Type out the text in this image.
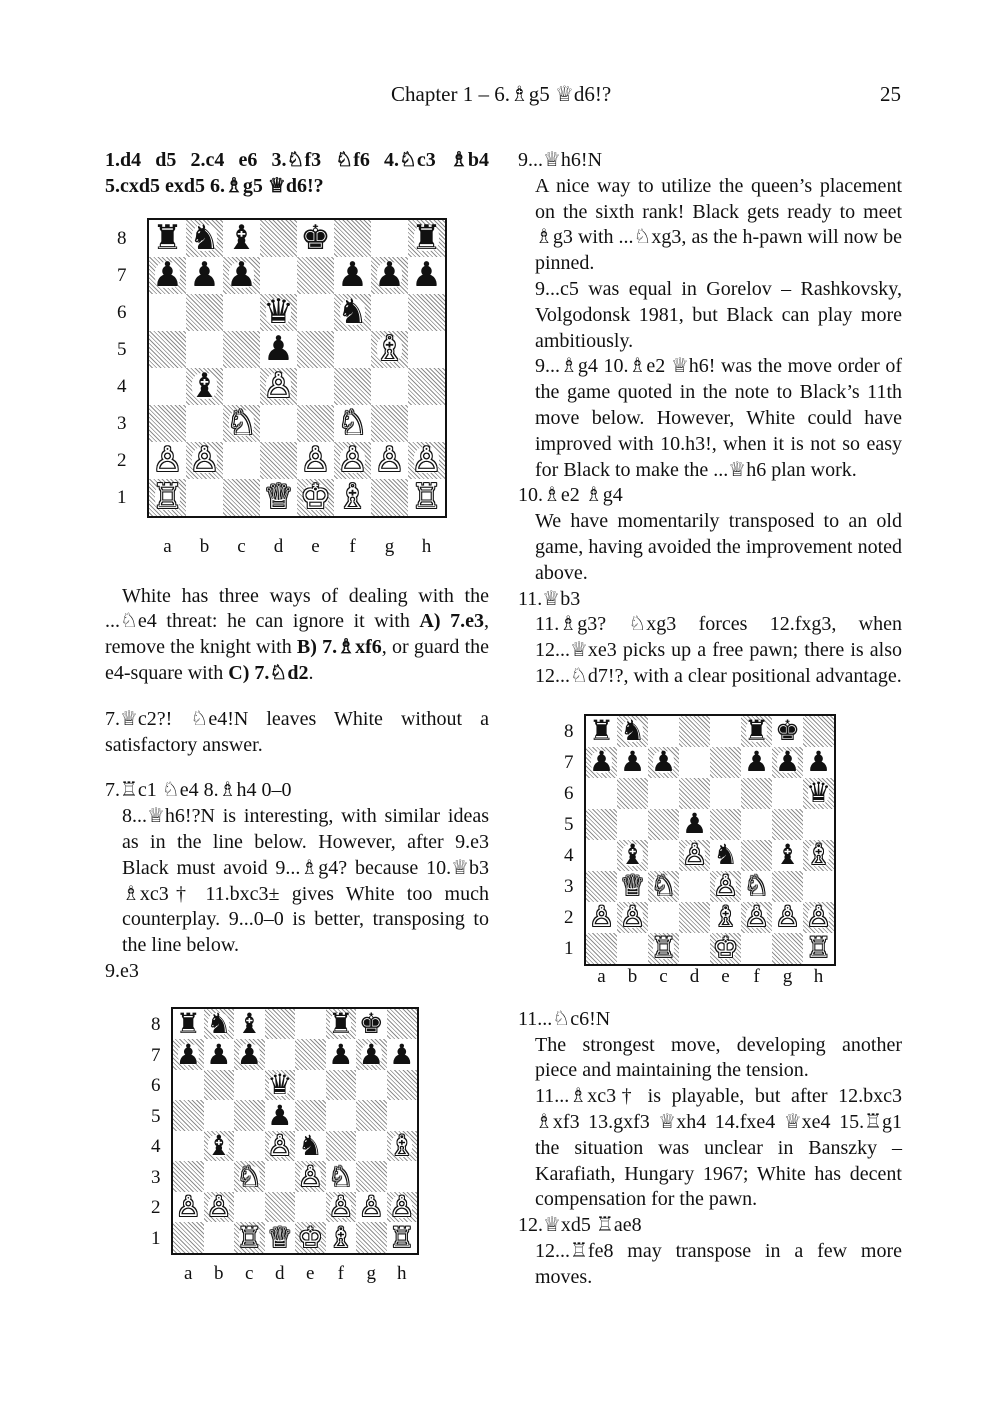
Chapter 1 – 6.♗g5 ♕d6!?	25

1.d4 d5 2.c4 e6 3.♘f3 ♘f6 4.♘c3 ♗b4

5.cxd5 exd5 6.♗g5 ♕d6!?

♜ ♞ ♝ ♚ ♜
♟ ♟ ♟ ♟ ♟ ♟
♛ ♞
♟ ♗
♝ ♙
♘ ♘
♙ ♙ ♙ ♙ ♙ ♙
♖ ♕ ♔ ♗ ♖
8
7
6
5
4
3
2
1
a	b	c	d	e	f	g	h

White has three ways of dealing with the ...♘e4 threat: he can ignore it with A) 7.e3, remove the knight with B) 7.♗xf6, or guard the e4-square with C) 7.♘d2.

7.♕c2?! ♘e4!N leaves White without a satisfactory answer.

7.♖c1 ♘e4 8.♗h4 0–0

8...♕h6!?N is interesting, with similar ideas as in the line below. However, after 9.e3 Black must avoid 9...♗g4? because 10.♕b3 ♗xc3† 11.bxc3± gives White too much counterplay. 9...0–0 is better, transposing to the line below.

9.e3

♜ ♞ ♝ ♜ ♚
♟ ♟ ♟ ♟ ♟ ♟
♛
♟
♝ ♙ ♞ ♗
♘ ♙ ♘
♙ ♙	♙ ♙ ♙
♖ ♕ ♔ ♗ ♖
8
7
6
5
4
3
2
1
a	b	c	d	e	f	g	h

9...♕h6!N

A nice way to utilize the queen’s placement on the sixth rank! Black gets ready to meet ♗g3 with ...♘xg3, as the h-pawn will now be pinned.

9...c5 was equal in Gorelov – Rashkovsky, Volgodonsk 1981, but Black can play more ambitiously.

9...♗g4 10.♗e2 ♕h6! was the move order of the game quoted in the note to Black’s 11th move below. However, White could have improved with 10.h3!, when it is not so easy for Black to make the ...♕h6 plan work.

10.♗e2 ♗g4

We have momentarily transposed to an old game, having avoided the improvement noted above.

11.♕b3

11.♗g3? ♘xg3 forces 12.fxg3, when 12...♕xe3 picks up a free pawn; there is also 12...♘d7!?, with a clear positional advantage.

♜ ♞	♜ ♚
♟ ♟ ♟ ♟ ♟ ♟
♛
♟
♝ ♙ ♞ ♝ ♗
♕ ♘ ♙ ♘
♙ ♙ ♗ ♙ ♙ ♙
♖ ♔ ♖
8
7
6
5
4
3
2
1
a	b	c	d	e	f	g	h

11...♘c6!N

The strongest move, developing another piece and maintaining the tension.

11...♗xc3† is playable, but after 12.bxc3 ♗xf3 13.gxf3 ♕xh4 14.fxe4 ♕xe4 15.♖g1 the situation was unclear in Banszky – Karafiath, Hungary 1967; White has decent compensation for the pawn.

12.♕xd5 ♖ae8

12...♖fe8 may transpose in a few more moves.
